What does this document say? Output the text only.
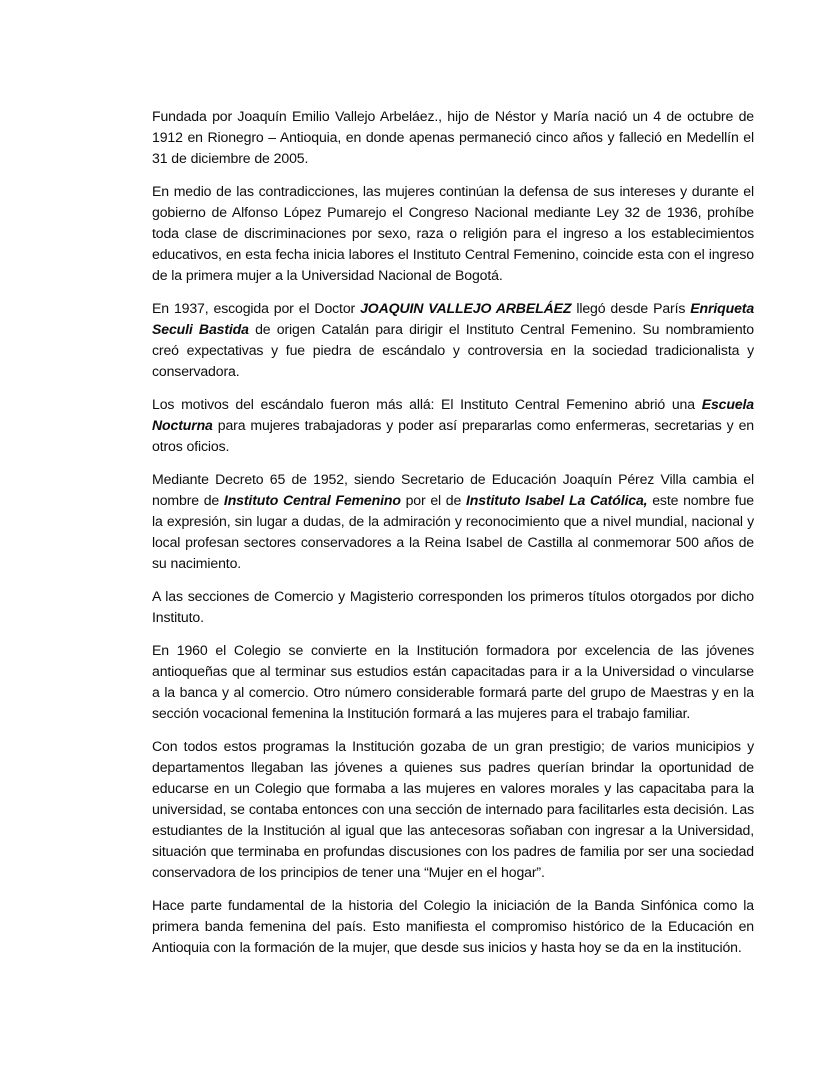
Fundada por Joaquín Emilio Vallejo Arbeláez., hijo de Néstor y María nació un 4 de octubre de 1912 en Rionegro – Antioquia, en donde apenas permaneció cinco años y falleció en Medellín el 31 de diciembre de 2005.

En medio de las contradicciones, las mujeres continúan la defensa de sus intereses y durante el gobierno de Alfonso López Pumarejo el Congreso Nacional mediante Ley 32 de 1936, prohíbe toda clase de discriminaciones por sexo, raza o religión para el ingreso a los establecimientos educativos, en esta fecha inicia labores el Instituto Central Femenino, coincide esta con el ingreso de la primera mujer a la Universidad Nacional de Bogotá.

En 1937, escogida por el Doctor JOAQUIN VALLEJO ARBELÁEZ llegó desde París Enriqueta Seculi Bastida de origen Catalán para dirigir el Instituto Central Femenino. Su nombramiento creó expectativas y fue piedra de escándalo y controversia en la sociedad tradicionalista y conservadora.

Los motivos del escándalo fueron más allá: El Instituto Central Femenino abrió una Escuela Nocturna para mujeres trabajadoras y poder así prepararlas como enfermeras, secretarias y en otros oficios.

Mediante Decreto 65 de 1952, siendo Secretario de Educación Joaquín Pérez Villa cambia el nombre de Instituto Central Femenino por el de Instituto Isabel La Católica, este nombre fue la expresión, sin lugar a dudas, de la admiración y reconocimiento que a nivel mundial, nacional y local profesan sectores conservadores a la Reina Isabel de Castilla al conmemorar 500 años de su nacimiento.

A las secciones de Comercio y Magisterio corresponden los primeros títulos otorgados por dicho Instituto.

En 1960 el Colegio se convierte en la Institución formadora por excelencia de las jóvenes antioqueñas que al terminar sus estudios están capacitadas para ir a la Universidad o vincularse a la banca y al comercio. Otro número considerable formará parte del grupo de Maestras y en la sección vocacional femenina la Institución formará a las mujeres para el trabajo familiar.

Con todos estos programas la Institución gozaba de un gran prestigio; de varios municipios y departamentos llegaban las jóvenes a quienes sus padres querían brindar la oportunidad de educarse en un Colegio que formaba a las mujeres en valores morales y las capacitaba para la universidad, se contaba entonces con una sección de internado para facilitarles esta decisión. Las estudiantes de la Institución al igual que las antecesoras soñaban con ingresar a la Universidad, situación que terminaba en profundas discusiones con los padres de familia por ser una sociedad conservadora de los principios de tener una “Mujer en el hogar”.

Hace parte fundamental de la historia del Colegio la iniciación de la Banda Sinfónica como la primera banda femenina del país. Esto manifiesta el compromiso histórico de la Educación en Antioquia con la formación de la mujer, que desde sus inicios y hasta hoy se da en la institución.
